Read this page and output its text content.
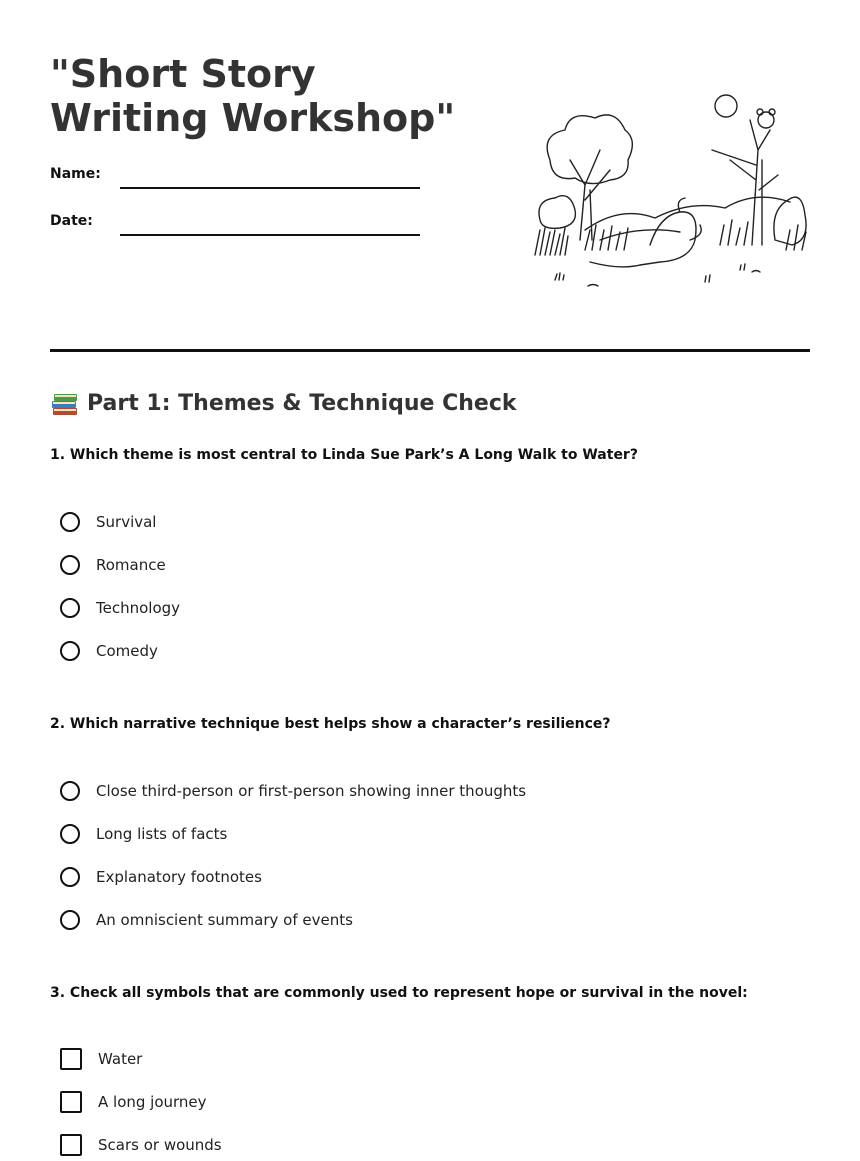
"Short Story Writing Workshop"
Name:
Date:
Part 1: Themes & Technique Check
1. Which theme is most central to Linda Sue Park’s A Long Walk to Water?
Survival
Romance
Technology
Comedy
2. Which narrative technique best helps show a character’s resilience?
Close third-person or first-person showing inner thoughts
Long lists of facts
Explanatory footnotes
An omniscient summary of events
3. Check all symbols that are commonly used to represent hope or survival in the novel:
Water
A long journey
Scars or wounds
